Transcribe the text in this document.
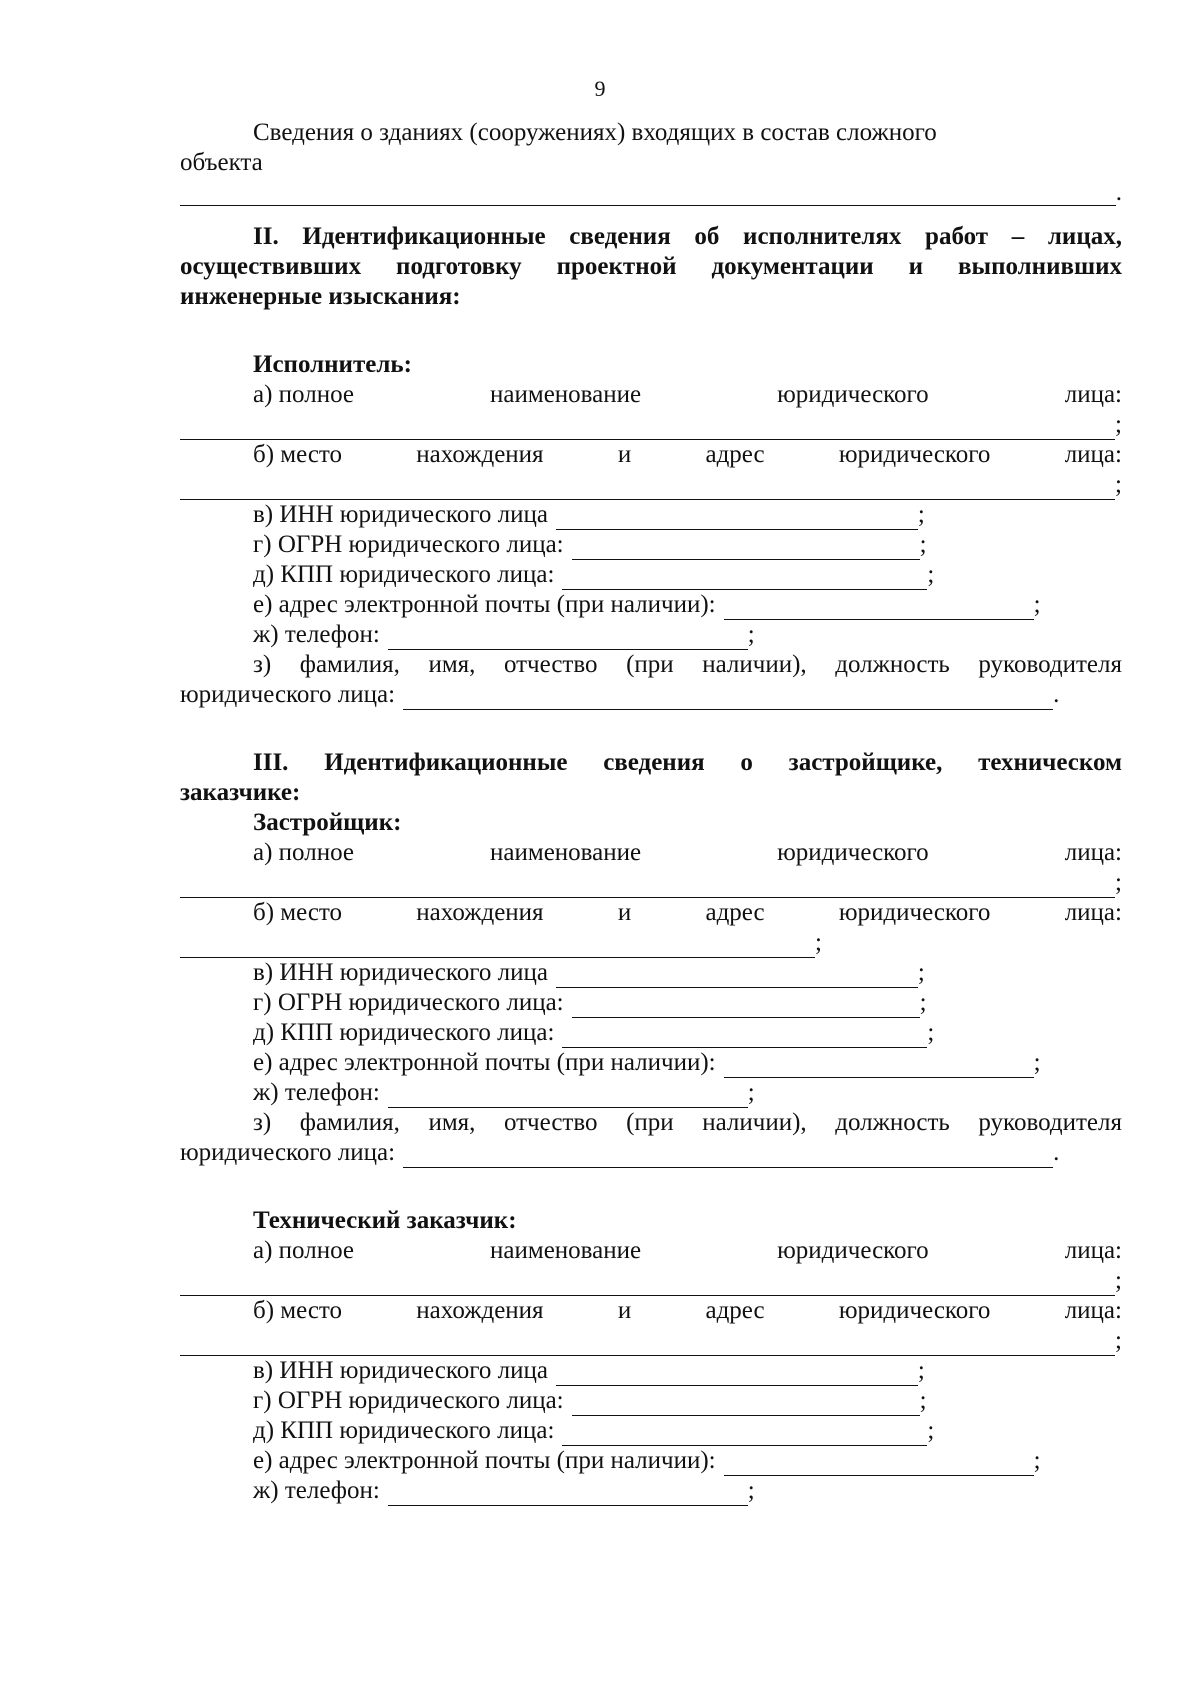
9
Сведения о зданиях (сооружениях) входящих в состав сложного
объекта
.
II. Идентификационные сведения об исполнителях работ – лицах,
осуществивших подготовку проектной документации и выполнивших
инженерные изыскания:
Исполнитель:
а) полное	наименование	юридического	лица:
;
б) место	нахождения	и	адрес	юридического	лица:
;
в) ИНН юридического лица	;
г) ОГРН юридического лица:	;
д) КПП юридического лица:	;
е) адрес электронной почты (при наличии):	;
ж) телефон:	;
з) фамилия, имя, отчество (при наличии), должность руководителя
юридического лица:	.
III. Идентификационные сведения о застройщике, техническом
заказчике:
Застройщик:
а) полное	наименование	юридического	лица:
;
б) место	нахождения	и	адрес	юридического	лица:
;
в) ИНН юридического лица	;
г) ОГРН юридического лица:	;
д) КПП юридического лица:	;
е) адрес электронной почты (при наличии):	;
ж) телефон:	;
з) фамилия, имя, отчество (при наличии), должность руководителя
юридического лица:	.
Технический заказчик:
а) полное	наименование	юридического	лица:
;
б) место	нахождения	и	адрес	юридического	лица:
;
в) ИНН юридического лица	;
г) ОГРН юридического лица:	;
д) КПП юридического лица:	;
е) адрес электронной почты (при наличии):	;
ж) телефон:	;
